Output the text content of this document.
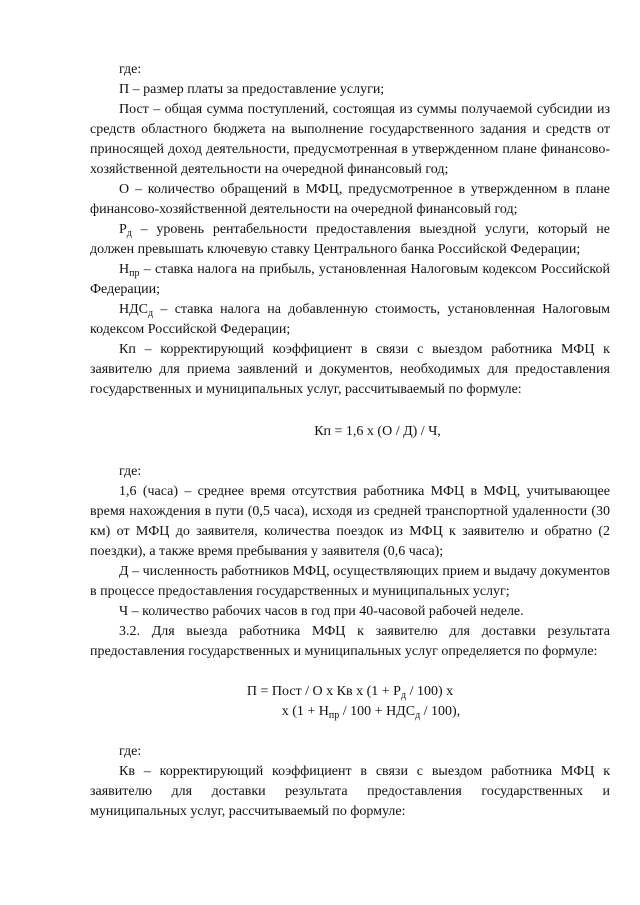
где:

П – размер платы за предоставление услуги;

Пост – общая сумма поступлений, состоящая из суммы получаемой субсидии из средств областного бюджета на выполнение государственного задания и средств от приносящей доход деятельности, предусмотренная в утвержденном плане финансово-хозяйственной деятельности на очередной финансовый год;

О – количество обращений в МФЦ, предусмотренное в утвержденном в плане финансово-хозяйственной деятельности на очередной финансовый год;

$Р_д$ – уровень рентабельности предоставления выездной услуги, который не должен превышать ключевую ставку Центрального банка Российской Федерации;

$Н_{пр}$ – ставка налога на прибыль, установленная Налоговым кодексом Российской Федерации;

$НДС_д$ – ставка налога на добавленную стоимость, установленная Налоговым кодексом Российской Федерации;

Кп – корректирующий коэффициент в связи с выездом работника МФЦ к заявителю для приема заявлений и документов, необходимых для предоставления государственных и муниципальных услуг, рассчитываемый по формуле:

Кп = 1,6 х (О / Д) / Ч,

где:

1,6 (часа) – среднее время отсутствия работника МФЦ в МФЦ, учитывающее время нахождения в пути (0,5 часа), исходя из средней транспортной удаленности (30 км) от МФЦ до заявителя, количества поездок из МФЦ к заявителю и обратно (2 поездки), а также время пребывания у заявителя (0,6 часа);

Д – численность работников МФЦ, осуществляющих прием и выдачу документов в процессе предоставления государственных и муниципальных услуг;

Ч – количество рабочих часов в год при 40-часовой рабочей неделе.

3.2. Для выезда работника МФЦ к заявителю для доставки результата предоставления государственных и муниципальных услуг определяется по формуле:

П = Пост / О х Кв х $(1 + Р_д / 100)$ х
х $(1 + Н_{пр} / 100 + НДС_д / 100)$,

где:

Кв – корректирующий коэффициент в связи с выездом работника МФЦ к заявителю для доставки результата предоставления государственных и муниципальных услуг, рассчитываемый по формуле:
